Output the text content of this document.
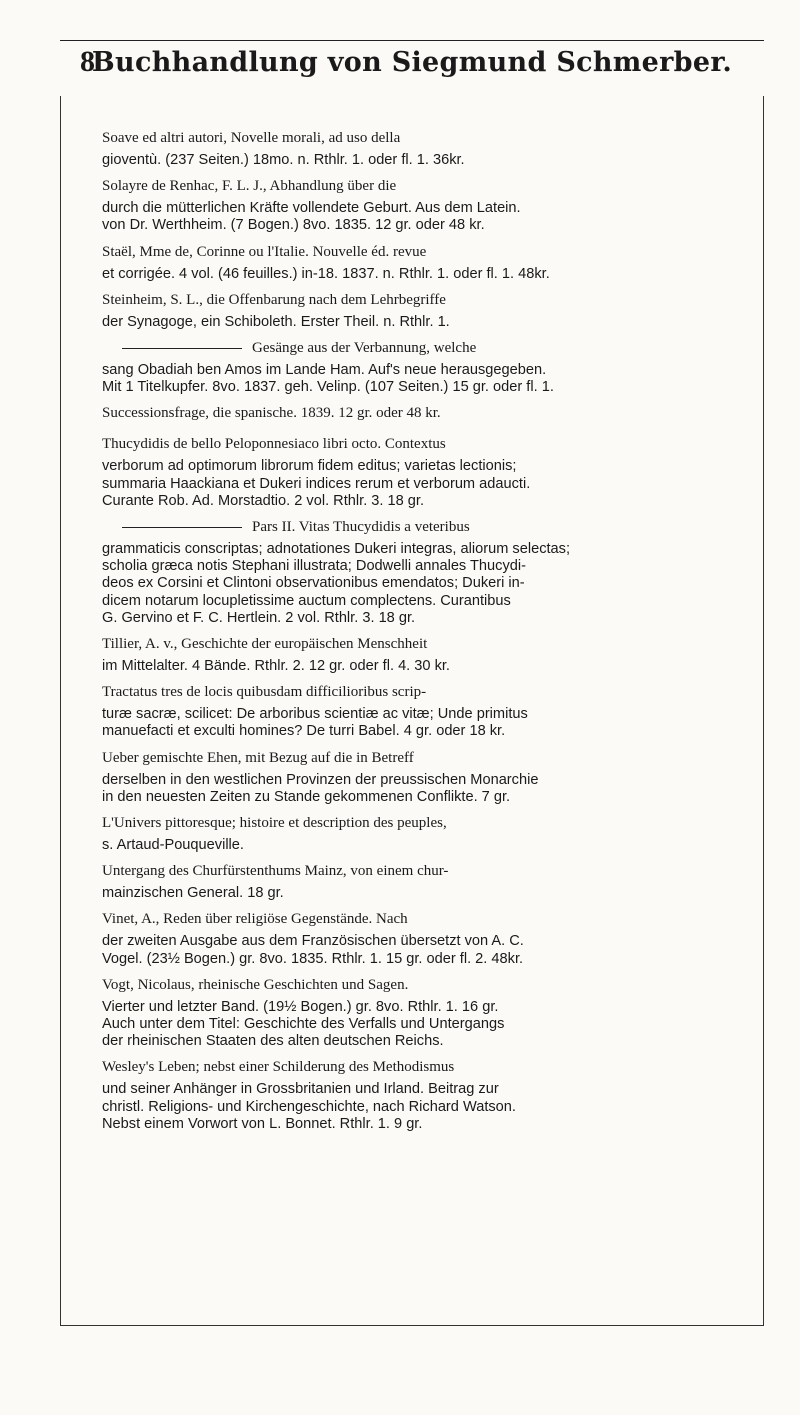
8
Buchhandlung von Siegmund Schmerber.
Soave ed altri autori, Novelle morali, ad uso della
gioventù. (237 Seiten.) 18mo. n. Rthlr. 1. oder fl. 1. 36kr.
Solayre de Renhac, F. L. J., Abhandlung über die
durch die mütterlichen Kräfte vollendete Geburt. Aus dem Latein.
von Dr. Werthheim. (7 Bogen.) 8vo. 1835. 12 gr. oder 48 kr.
Staël, Mme de, Corinne ou l'Italie. Nouvelle éd. revue
et corrigée. 4 vol. (46 feuilles.) in-18. 1837. n. Rthlr. 1. oder fl. 1. 48kr.
Steinheim, S. L., die Offenbarung nach dem Lehrbegriffe
der Synagoge, ein Schiboleth. Erster Theil. n. Rthlr. 1.
Gesänge aus der Verbannung, welche
sang Obadiah ben Amos im Lande Ham. Auf's neue herausgegeben.
Mit 1 Titelkupfer. 8vo. 1837. geh. Velinp. (107 Seiten.) 15 gr. oder fl. 1.
Successionsfrage, die spanische. 1839. 12 gr. oder 48 kr.
Thucydidis de bello Peloponnesiaco libri octo. Contextus
verborum ad optimorum librorum fidem editus; varietas lectionis;
summaria Haackiana et Dukeri indices rerum et verborum adaucti.
Curante Rob. Ad. Morstadtio. 2 vol. Rthlr. 3. 18 gr.
Pars II. Vitas Thucydidis a veteribus
grammaticis conscriptas; adnotationes Dukeri integras, aliorum selectas;
scholia græca notis Stephani illustrata; Dodwelli annales Thucydi-
deos ex Corsini et Clintoni observationibus emendatos; Dukeri in-
dicem notarum locupletissime auctum complectens. Curantibus
G. Gervino et F. C. Hertlein. 2 vol. Rthlr. 3. 18 gr.
Tillier, A. v., Geschichte der europäischen Menschheit
im Mittelalter. 4 Bände. Rthlr. 2. 12 gr. oder fl. 4. 30 kr.
Tractatus tres de locis quibusdam difficilioribus scrip-
turæ sacræ, scilicet: De arboribus scientiæ ac vitæ; Unde primitus
manuefacti et exculti homines? De turri Babel. 4 gr. oder 18 kr.
Ueber gemischte Ehen, mit Bezug auf die in Betreff
derselben in den westlichen Provinzen der preussischen Monarchie
in den neuesten Zeiten zu Stande gekommenen Conflikte. 7 gr.
L'Univers pittoresque; histoire et description des peuples,
s. Artaud-Pouqueville.
Untergang des Churfürstenthums Mainz, von einem chur-
mainzischen General. 18 gr.
Vinet, A., Reden über religiöse Gegenstände. Nach
der zweiten Ausgabe aus dem Französischen übersetzt von A. C.
Vogel. (23½ Bogen.) gr. 8vo. 1835. Rthlr. 1. 15 gr. oder fl. 2. 48kr.
Vogt, Nicolaus, rheinische Geschichten und Sagen.
Vierter und letzter Band. (19½ Bogen.) gr. 8vo. Rthlr. 1. 16 gr.
Auch unter dem Titel: Geschichte des Verfalls und Untergangs
der rheinischen Staaten des alten deutschen Reichs.
Wesley's Leben; nebst einer Schilderung des Methodismus
und seiner Anhänger in Grossbritanien und Irland. Beitrag zur
christl. Religions- und Kirchengeschichte, nach Richard Watson.
Nebst einem Vorwort von L. Bonnet. Rthlr. 1. 9 gr.
